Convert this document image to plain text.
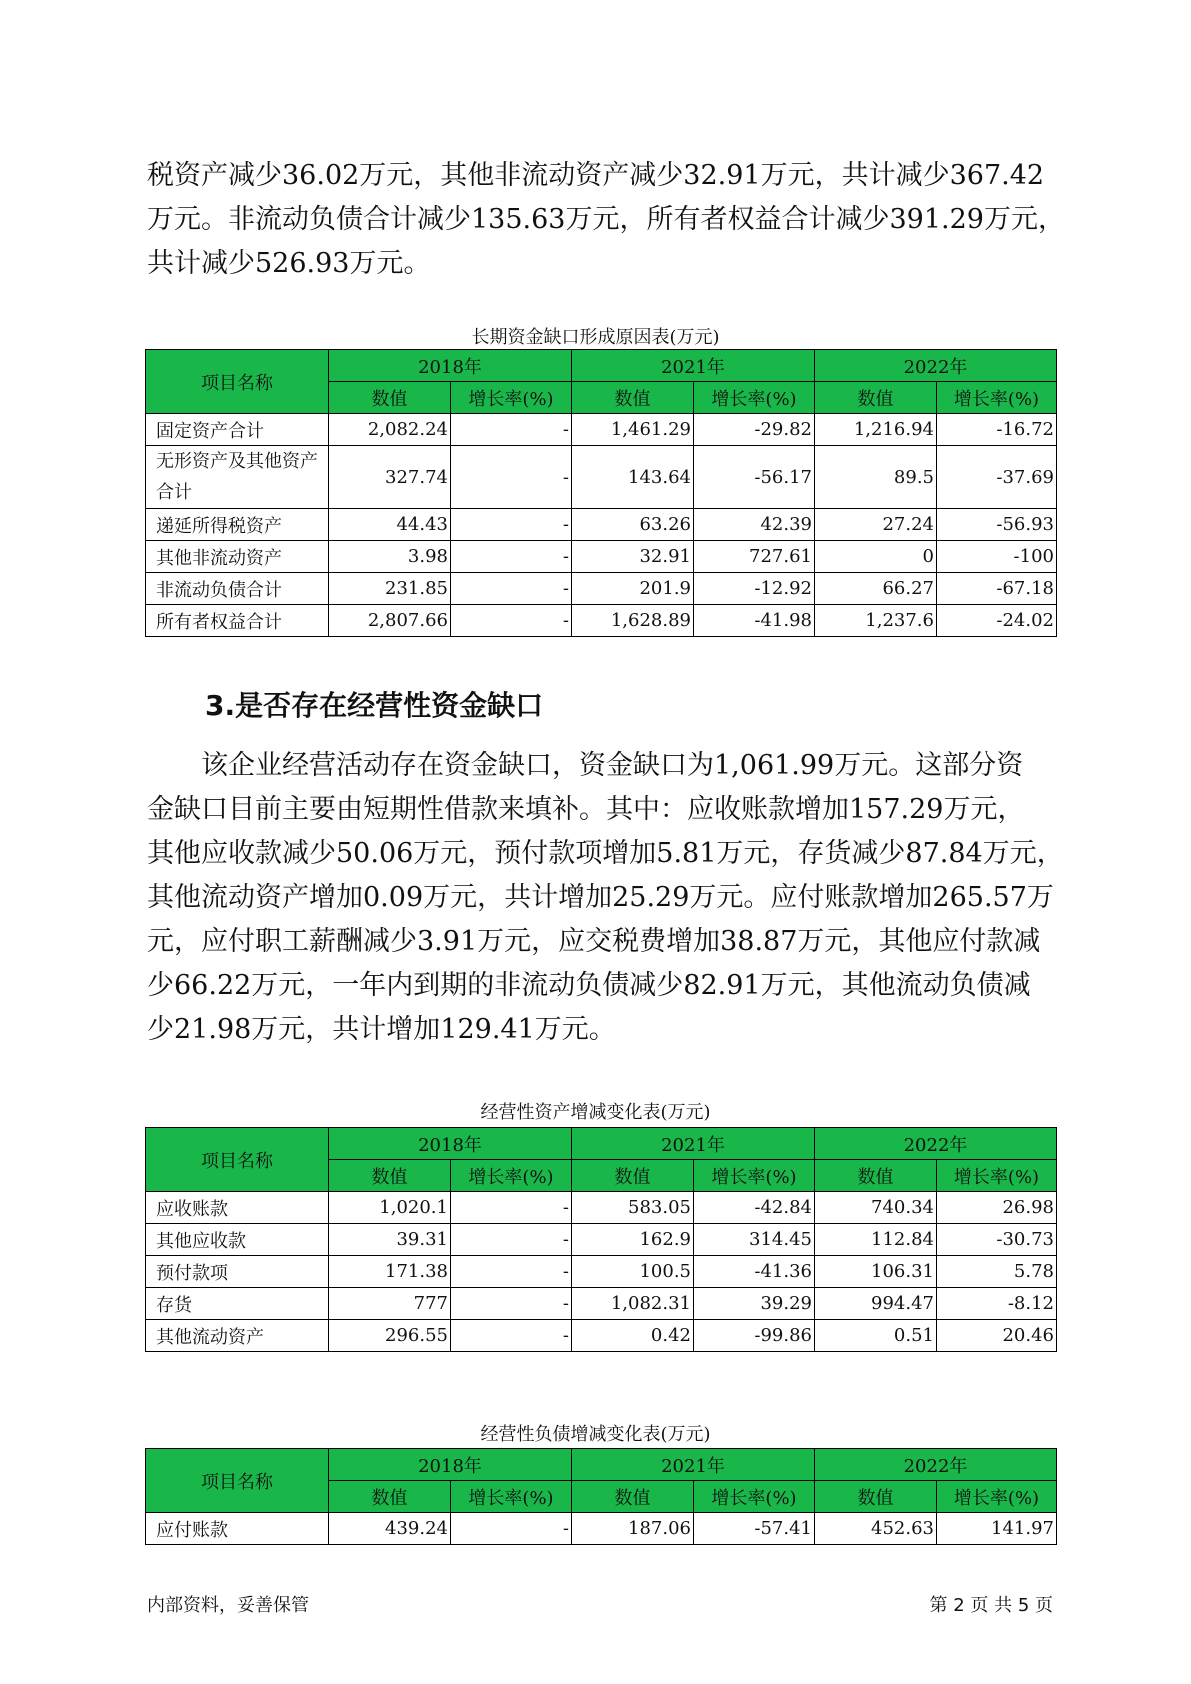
税资产减少36.02万元，其他非流动资产减少32.91万元，共计减少367.42
万元。非流动负债合计减少135.63万元，所有者权益合计减少391.29万元，
共计减少526.93万元。
长期资金缺口形成原因表(万元)
项目名称	2018年		2021年		2022年	
	数值	增长率(%)	数值	增长率(%)	数值	增长率(%)
固定资产合计	2,082.24	-	1,461.29	-29.82	1,216.94	-16.72
无形资产及其他资产合计	327.74	-	143.64	-56.17	89.5	-37.69
递延所得税资产	44.43	-	63.26	42.39	27.24	-56.93
其他非流动资产	3.98	-	32.91	727.61	0	-100
非流动负债合计	231.85	-	201.9	-12.92	66.27	-67.18
所有者权益合计	2,807.66	-	1,628.89	-41.98	1,237.6	-24.02
3.是否存在经营性资金缺口
该企业经营活动存在资金缺口，资金缺口为1,061.99万元。这部分资
金缺口目前主要由短期性借款来填补。其中：应收账款增加157.29万元，
其他应收款减少50.06万元，预付款项增加5.81万元，存货减少87.84万元，
其他流动资产增加0.09万元，共计增加25.29万元。应付账款增加265.57万
元，应付职工薪酬减少3.91万元，应交税费增加38.87万元，其他应付款减
少66.22万元，一年内到期的非流动负债减少82.91万元，其他流动负债减
少21.98万元，共计增加129.41万元。
经营性资产增减变化表(万元)
项目名称	2018年		2021年		2022年	
	数值	增长率(%)	数值	增长率(%)	数值	增长率(%)
应收账款	1,020.1	-	583.05	-42.84	740.34	26.98
其他应收款	39.31	-	162.9	314.45	112.84	-30.73
预付款项	171.38	-	100.5	-41.36	106.31	5.78
存货	777	-	1,082.31	39.29	994.47	-8.12
其他流动资产	296.55	-	0.42	-99.86	0.51	20.46
经营性负债增减变化表(万元)
项目名称	2018年		2021年		2022年	
	数值	增长率(%)	数值	增长率(%)	数值	增长率(%)
应付账款	439.24	-	187.06	-57.41	452.63	141.97
内部资料，妥善保管	第 2 页 共 5 页
